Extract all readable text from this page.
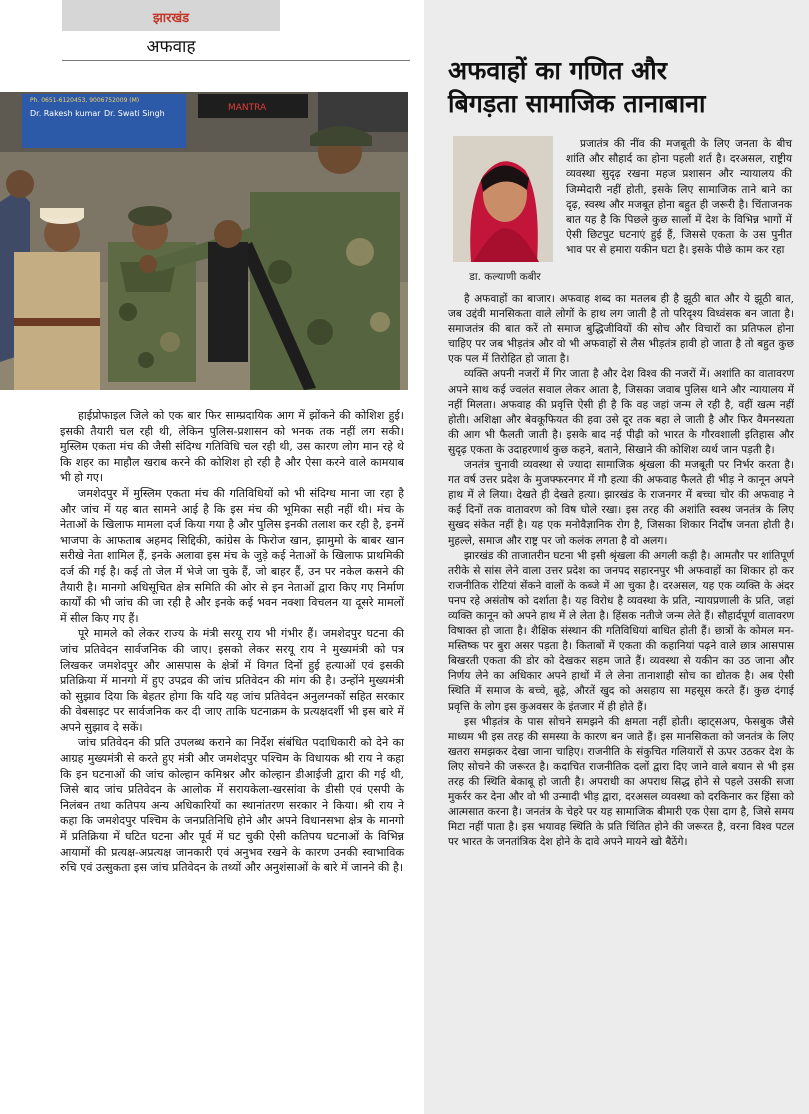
झारखंड
अफवाह
Ph. 0651-6120453, 9006752009 (M)
Dr. Rakesh kumar Dr. Swati Singh
MANTRA

हाईप्रोफाइल जिले को एक बार फिर साम्प्रदायिक आग में झोंकने की कोशिश हुई। इसकी तैयारी चल रही थी, लेकिन पुलिस-प्रशासन को भनक तक नहीं लग सकी। मुस्लिम एकता मंच की जैसी संदिग्ध गतिविधि चल रही थी, उस कारण लोग मान रहे थे कि शहर का माहौल खराब करने की कोशिश हो रही है और ऐसा करने वाले कामयाब भी हो गए।

जमशेदपुर में मुस्लिम एकता मंच की गतिविधियों को भी संदिग्ध माना जा रहा है और जांच में यह बात सामने आई है कि इस मंच की भूमिका सही नहीं थी। मंच के नेताओं के खिलाफ मामला दर्ज किया गया है और पुलिस इनकी तलाश कर रही है, इनमें भाजपा के आफताब अहमद सिद्दिकी, कांग्रेस के फिरोज खान, झामुमो के बाबर खान सरीखे नेता शामिल हैं, इनके अलावा इस मंच के जुड़े कई नेताओं के खिलाफ प्राथमिकी दर्ज की गई है। कई तो जेल में भेजे जा चुके हैं, जो बाहर हैं, उन पर नकेल कसने की तैयारी है। मानगो अधिसूचित क्षेत्र समिति की ओर से इन नेताओं द्वारा किए गए निर्माण कार्यों की भी जांच की जा रही है और इनके कई भवन नक्शा विचलन या दूसरे मामलों में सील किए गए हैं।

पूरे मामले को लेकर राज्य के मंत्री सरयू राय भी गंभीर हैं। जमशेदपुर घटना की जांच प्रतिवेदन सार्वजनिक की जाए। इसको लेकर सरयू राय ने मुख्यमंत्री को पत्र लिखकर जमशेदपुर और आसपास के क्षेत्रों में विगत दिनों हुई हत्याओं एवं इसकी प्रतिक्रिया में मानगो में हुए उपद्रव की जांच प्रतिवेदन की मांग की है। उन्होंने मुख्यमंत्री को सुझाव दिया कि बेहतर होगा कि यदि यह जांच प्रतिवेदन अनुलग्नकों सहित सरकार की वेबसाइट पर सार्वजनिक कर दी जाए ताकि घटनाक्रम के प्रत्यक्षदर्शी भी इस बारे में अपने सुझाव दे सकें।

जांच प्रतिवेदन की प्रति उपलब्ध कराने का निर्देश संबंधित पदाधिकारी को देने का आग्रह मुख्यमंत्री से करते हुए मंत्री और जमशेदपुर पश्चिम के विधायक श्री राय ने कहा कि इन घटनाओं की जांच कोल्हान कमिश्नर और कोल्हान डीआईजी द्वारा की गई थी, जिसे बाद जांच प्रतिवेदन के आलोक में सरायकेला-खरसांवा के डीसी एवं एसपी के निलंबन तथा कतिपय अन्य अधिकारियों का स्थानांतरण सरकार ने किया। श्री राय ने कहा कि जमशेदपुर पश्चिम के जनप्रतिनिधि होने और अपने विधानसभा क्षेत्र के मानगो में प्रतिक्रिया में घटित घटना और पूर्व में घट चुकी ऐसी कतिपय घटनाओं के विभिन्न आयामों की प्रत्यक्ष-अप्रत्यक्ष जानकारी एवं अनुभव रखने के कारण उनकी स्वाभाविक रुचि एवं उत्सुकता इस जांच प्रतिवेदन के तथ्यों और अनुशंसाओं के बारे में जानने की है।

अफवाहों का गणित और
बिगड़ता सामाजिक तानाबाना
डा. कल्याणी कबीर

प्रजातंत्र की नींव की मजबूती के लिए जनता के बीच शांति और सौहार्द का होना पहली शर्त है। दरअसल, राष्ट्रीय व्यवस्था सुदृढ़ रखना महज प्रशासन और न्यायालय की जिम्मेदारी नहीं होती, इसके लिए सामाजिक ताने बाने का दृढ़, स्वस्थ और मजबूत होना बहुत ही जरूरी है। चिंताजनक बात यह है कि पिछले कुछ सालों में देश के विभिन्न भागों में ऐसी छिटपुट घटनाएं हुई हैं, जिससे एकता के उस पुनीत भाव पर से हमारा यकीन घटा है। इसके पीछे काम कर रहा

है अफवाहों का बाजार। अफवाह शब्द का मतलब ही है झूठी बात और ये झूठी बात, जब उद्दंवी मानसिकता वाले लोगों के हाथ लग जाती है तो परिदृश्य विध्वंसक बन जाता है। समाजतंत्र की बात करें तो समाज बुद्धिजीवियों की सोच और विचारों का प्रतिफल होना चाहिए पर जब भीड़तंत्र और वो भी अफवाहों से लैस भीड़तंत्र हावी हो जाता है तो बहुत कुछ एक पल में तिरोहित हो जाता है।

व्यक्ति अपनी नजरों में गिर जाता है और देश विश्व की नजरों में। अशांति का वातावरण अपने साथ कई ज्वलंत सवाल लेकर आता है, जिसका जवाब पुलिस थाने और न्यायालय में नहीं मिलता। अफवाह की प्रवृत्ति ऐसी ही है कि वह जहां जन्म ले रही है, वहीं खत्म नहीं होती। अशिक्षा और बेवकूफियत की हवा उसे दूर तक बहा ले जाती है और फिर वैमनस्यता की आग भी फैलती जाती है। इसके बाद नई पीढ़ी को भारत के गौरवशाली इतिहास और सुदृढ़ एकता के उदाहरणार्थ कुछ कहने, बताने, सिखाने की कोशिश व्यर्थ जान पड़ती है।

जनतंत्र चुनावी व्यवस्था से ज्यादा सामाजिक श्रृंखला की मजबूती पर निर्भर करता है। गत वर्ष उत्तर प्रदेश के मुजफ्फरनगर में गौ हत्या की अफवाह फैलते ही भीड़ ने कानून अपने हाथ में ले लिया। देखते ही देखते हत्या। झारखंड के राजनगर में बच्चा चोर की अफवाह ने कई दिनों तक वातावरण को विष घोले रखा। इस तरह की अशांति स्वस्थ जनतंत्र के लिए सुखद संकेत नहीं है। यह एक मनोवैज्ञानिक रोग है, जिसका शिकार निर्दोष जनता होती है। मुहल्ले, समाज और राष्ट्र पर जो कलंक लगता है वो अलग।

झारखंड की ताजातरीन घटना भी इसी श्रृंखला की अगली कड़ी है। आमतौर पर शांतिपूर्ण तरीके से सांस लेने वाला उत्तर प्रदेश का जनपद सहारनपुर भी अफवाहों का शिकार हो कर राजनीतिक रोटियां सेंकने वालों के कब्जे में आ चुका है। दरअसल, यह एक व्यक्ति के अंदर पनप रहे असंतोष को दर्शाता है। यह विरोध है व्यवस्था के प्रति, न्यायप्रणाली के प्रति, जहां व्यक्ति कानून को अपने हाथ में ले लेता है। हिंसक नतीजे जन्म लेते हैं। सौहार्दपूर्ण वातावरण विषाक्त हो जाता है। शैक्षिक संस्थान की गतिविधियां बाधित होती हैं। छात्रों के कोमल मन-मस्तिष्क पर बुरा असर पड़ता है। किताबों में एकता की कहानियां पढ़ने वाले छात्र आसपास बिखरती एकता की डोर को देखकर सहम जाते हैं। व्यवस्था से यकीन का उठ जाना और निर्णय लेने का अधिकार अपने हाथों में ले लेना तानाशाही सोच का द्योतक है। अब ऐसी स्थिति में समाज के बच्चे, बूढ़े, औरतें खुद को असहाय सा महसूस करते हैं। कुछ दंगाई प्रवृत्ति के लोग इस कुअवसर के इंतजार में ही होते हैं।

इस भीड़तंत्र के पास सोचने समझने की क्षमता नहीं होती। व्हाट्सअप, फेसबुक जैसे माध्यम भी इस तरह की समस्या के कारण बन जाते हैं। इस मानसिकता को जनतंत्र के लिए खतरा समझकर देखा जाना चाहिए। राजनीति के संकुचित गलियारों से ऊपर उठकर देश के लिए सोचने की जरूरत है। कदाचित राजनीतिक दलों द्वारा दिए जाने वाले बयान से भी इस तरह की स्थिति बेकाबू हो जाती है। अपराधी का अपराध सिद्ध होने से पहले उसकी सजा मुकर्रर कर देना और वो भी उन्मादी भीड़ द्वारा, दरअसल व्यवस्था को दरकिनार कर हिंसा को आत्मसात करना है। जनतंत्र के चेहरे पर यह सामाजिक बीमारी एक ऐसा दाग है, जिसे समय मिटा नहीं पाता है। इस भयावह स्थिति के प्रति चिंतित होने की जरूरत है, वरना विश्व पटल पर भारत के जनतांत्रिक देश होने के दावे अपने मायने खो बैठेंगे।
